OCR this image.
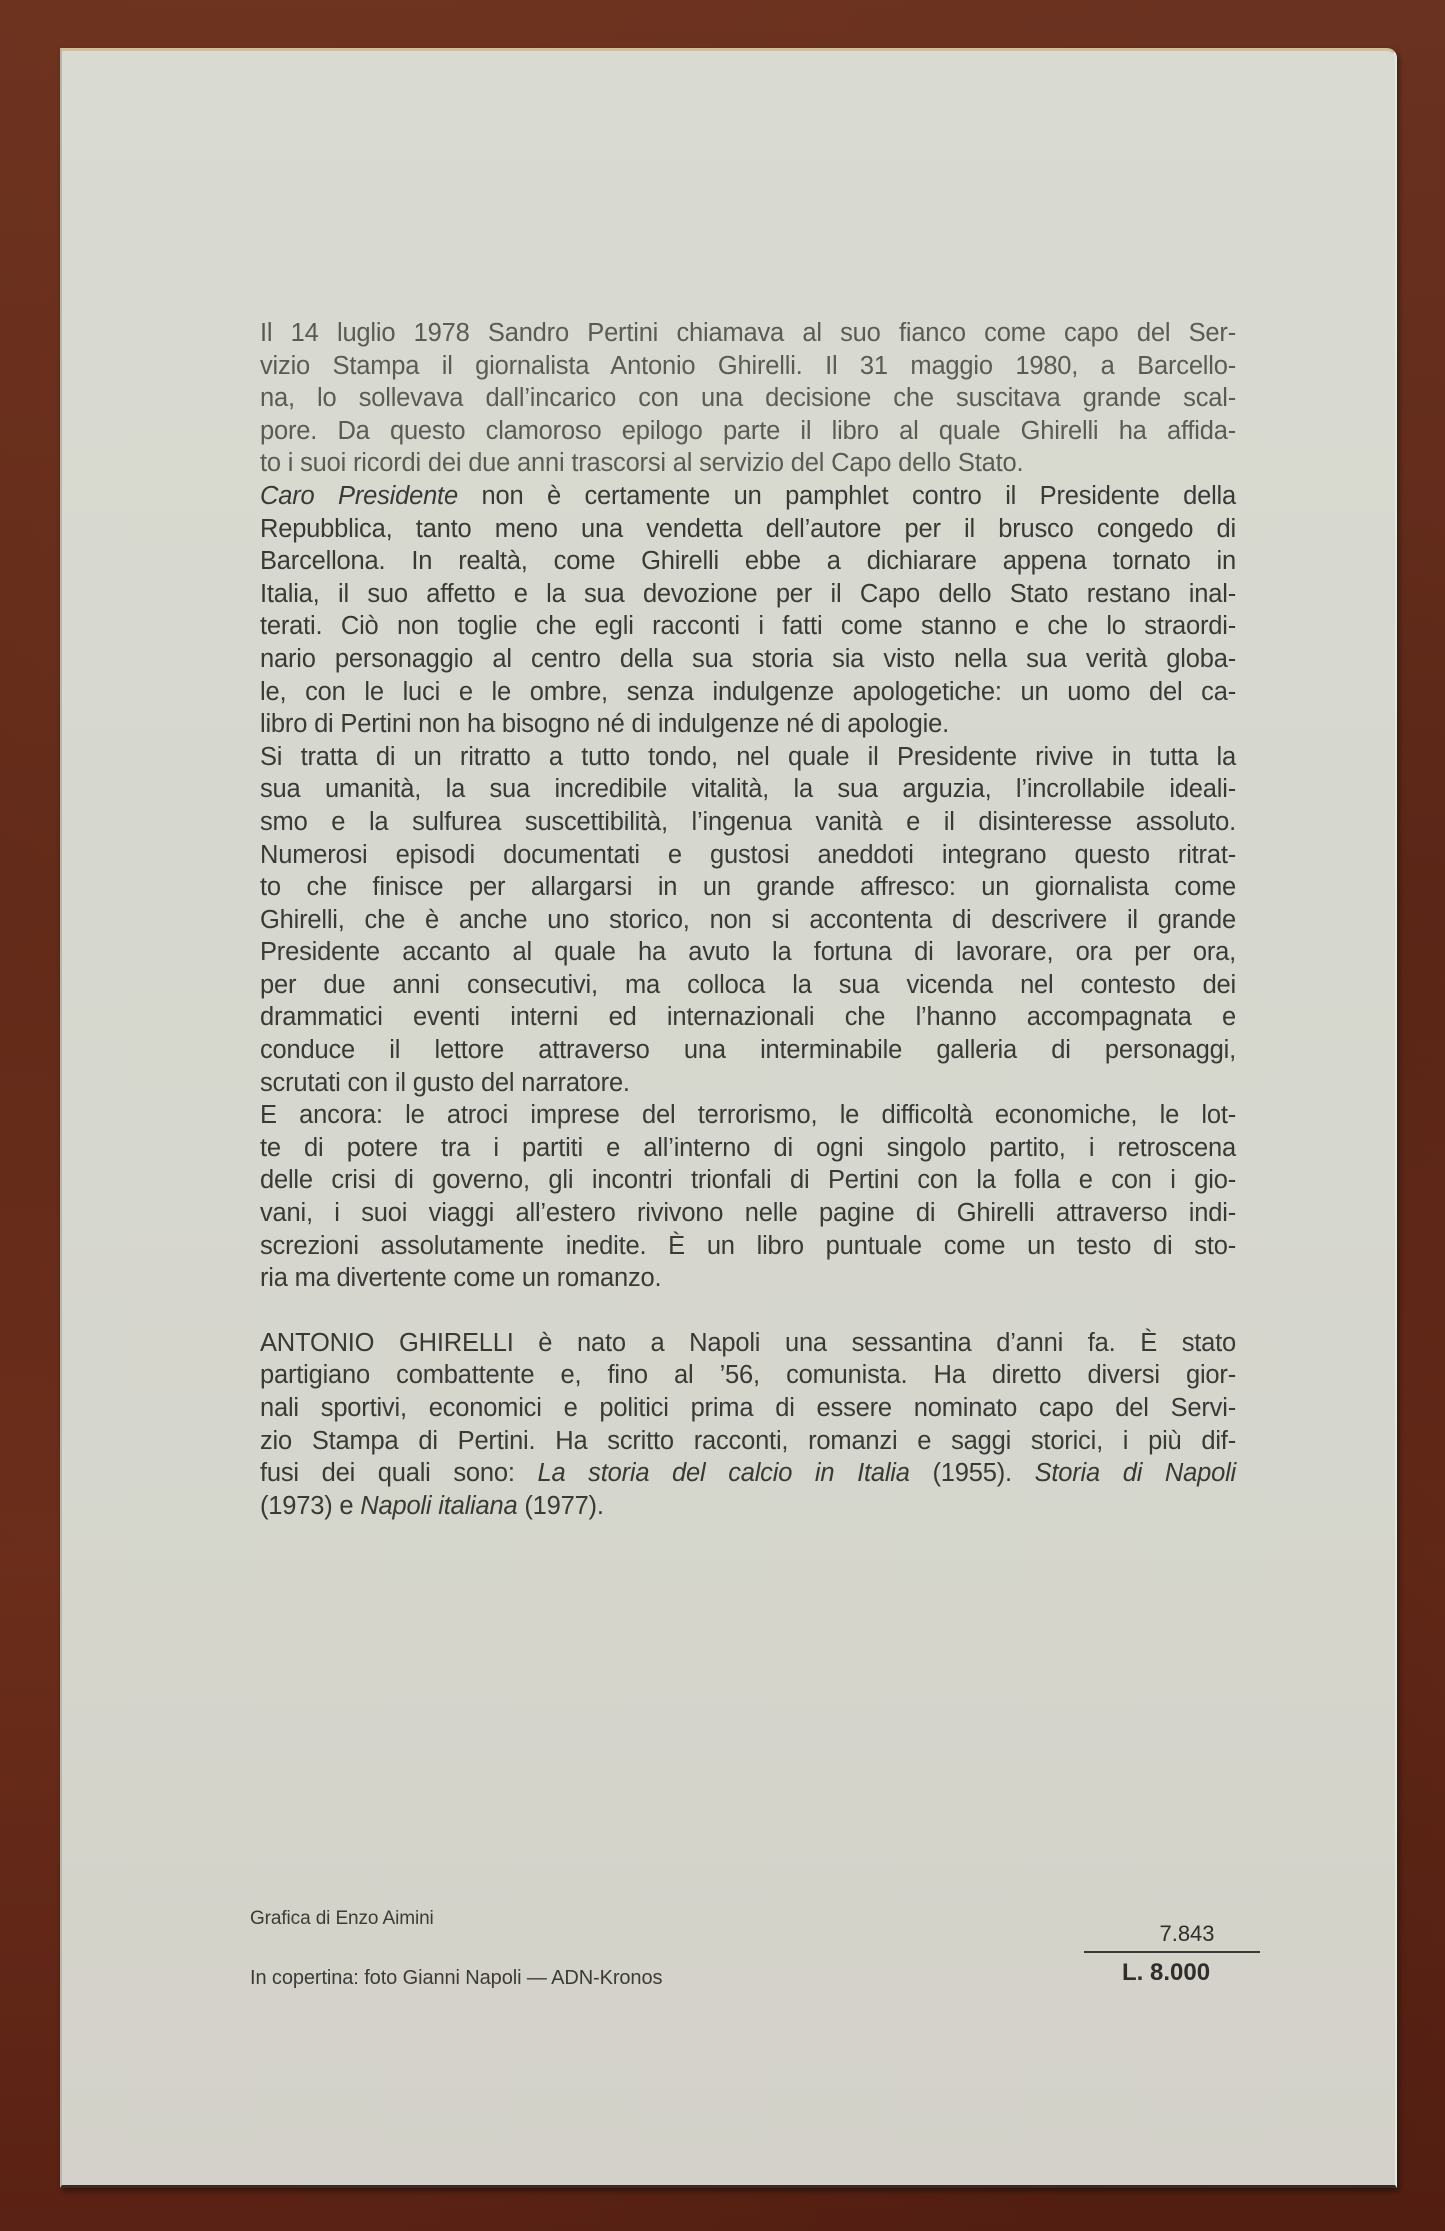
Il 14 luglio 1978 Sandro Pertini chiamava al suo fianco come capo del Ser-
vizio Stampa il giornalista Antonio Ghirelli. Il 31 maggio 1980, a Barcello-
na, lo sollevava dall’incarico con una decisione che suscitava grande scal-
pore. Da questo clamoroso epilogo parte il libro al quale Ghirelli ha affida-
to i suoi ricordi dei due anni trascorsi al servizio del Capo dello Stato.

Caro Presidente non è certamente un pamphlet contro il Presidente della
Repubblica, tanto meno una vendetta dell’autore per il brusco congedo di
Barcellona. In realtà, come Ghirelli ebbe a dichiarare appena tornato in
Italia, il suo affetto e la sua devozione per il Capo dello Stato restano inal-
terati. Ciò non toglie che egli racconti i fatti come stanno e che lo straordi-
nario personaggio al centro della sua storia sia visto nella sua verità globa-
le, con le luci e le ombre, senza indulgenze apologetiche: un uomo del ca-
libro di Pertini non ha bisogno né di indulgenze né di apologie.

Si tratta di un ritratto a tutto tondo, nel quale il Presidente rivive in tutta la
sua umanità, la sua incredibile vitalità, la sua arguzia, l’incrollabile ideali-
smo e la sulfurea suscettibilità, l’ingenua vanità e il disinteresse assoluto.
Numerosi episodi documentati e gustosi aneddoti integrano questo ritrat-
to che finisce per allargarsi in un grande affresco: un giornalista come
Ghirelli, che è anche uno storico, non si accontenta di descrivere il grande
Presidente accanto al quale ha avuto la fortuna di lavorare, ora per ora,
per due anni consecutivi, ma colloca la sua vicenda nel contesto dei
drammatici eventi interni ed internazionali che l’hanno accompagnata e
conduce il lettore attraverso una interminabile galleria di personaggi,
scrutati con il gusto del narratore.

E ancora: le atroci imprese del terrorismo, le difficoltà economiche, le lot-
te di potere tra i partiti e all’interno di ogni singolo partito, i retroscena
delle crisi di governo, gli incontri trionfali di Pertini con la folla e con i gio-
vani, i suoi viaggi all’estero rivivono nelle pagine di Ghirelli attraverso indi-
screzioni assolutamente inedite. È un libro puntuale come un testo di sto-
ria ma divertente come un romanzo.

ANTONIO GHIRELLI è nato a Napoli una sessantina d’anni fa. È stato
partigiano combattente e, fino al ’56, comunista. Ha diretto diversi gior-
nali sportivi, economici e politici prima di essere nominato capo del Servi-
zio Stampa di Pertini. Ha scritto racconti, romanzi e saggi storici, i più dif-
fusi dei quali sono: La storia del calcio in Italia (1955). Storia di Napoli
(1973) e Napoli italiana (1977).

Grafica di Enzo Aimini
In copertina: foto Gianni Napoli — ADN-Kronos
7.843
L. 8.000
